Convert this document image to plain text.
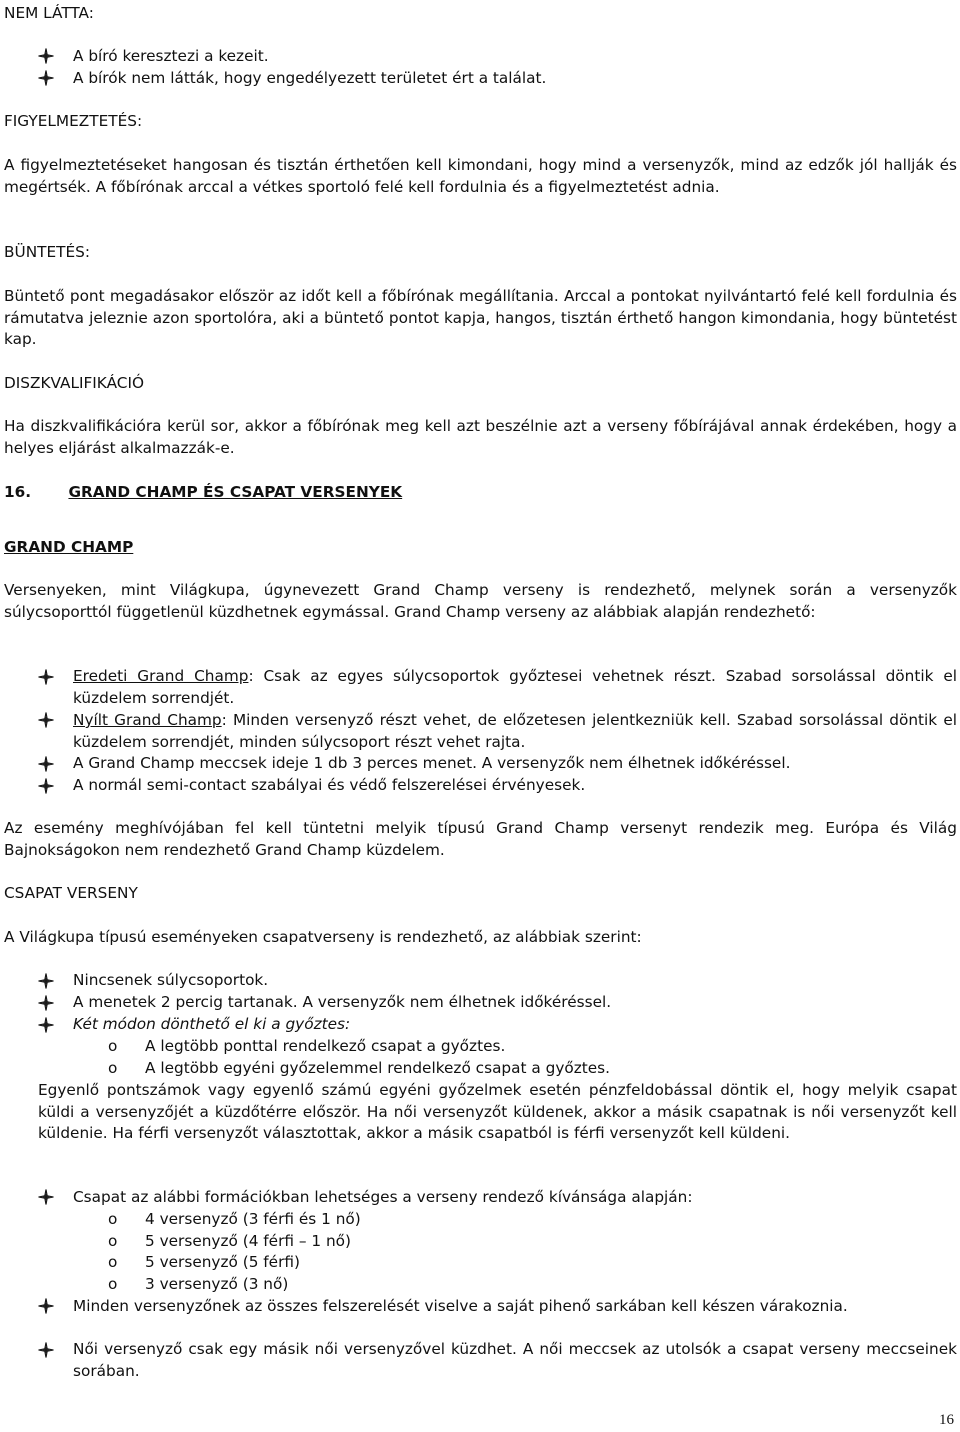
NEM LÁTTA:

A bíró keresztezi a kezeit.
A bírók nem látták, hogy engedélyezett területet ért a találat.

FIGYELMEZTETÉS:

A figyelmeztetéseket hangosan és tisztán érthetően kell kimondani, hogy mind a versenyzők, mind az edzők jól hallják és megértsék. A főbírónak arccal a vétkes sportoló felé kell fordulnia és a figyelmeztetést adnia.

BÜNTETÉS:

Büntető pont megadásakor először az időt kell a főbírónak megállítania. Arccal a pontokat nyilvántartó felé kell fordulnia és rámutatva jeleznie azon sportolóra, aki a büntető pontot kapja, hangos, tisztán érthető hangon kimondania, hogy büntetést kap.

DISZKVALIFIKÁCIÓ

Ha diszkvalifikációra kerül sor, akkor a főbírónak meg kell azt beszélnie azt a verseny főbírájával annak érdekében, hogy a helyes eljárást alkalmazzák-e.

16. GRAND CHAMP ÉS CSAPAT VERSENYEK

GRAND CHAMP

Versenyeken, mint Világkupa, úgynevezett Grand Champ verseny is rendezhető, melynek során a versenyzők súlycsoporttól függetlenül küzdhetnek egymással. Grand Champ verseny az alábbiak alapján rendezhető:

Eredeti Grand Champ: Csak az egyes súlycsoportok győztesei vehetnek részt. Szabad sorsolással döntik el küzdelem sorrendjét.
Nyílt Grand Champ: Minden versenyző részt vehet, de előzetesen jelentkezniük kell. Szabad sorsolással döntik el küzdelem sorrendjét, minden súlycsoport részt vehet rajta.
A Grand Champ meccsek ideje 1 db 3 perces menet. A versenyzők nem élhetnek időkéréssel.
A normál semi-contact szabályai és védő felszerelései érvényesek.

Az esemény meghívójában fel kell tüntetni melyik típusú Grand Champ versenyt rendezik meg. Európa és Világ Bajnokságokon nem rendezhető Grand Champ küzdelem.

CSAPAT VERSENY

A Világkupa típusú eseményeken csapatverseny is rendezhető, az alábbiak szerint:

Nincsenek súlycsoportok.
A menetek 2 percig tartanak. A versenyzők nem élhetnek időkéréssel.
Két módon dönthető el ki a győztes:
o A legtöbb ponttal rendelkező csapat a győztes.
o A legtöbb egyéni győzelemmel rendelkező csapat a győztes.
Egyenlő pontszámok vagy egyenlő számú egyéni győzelmek esetén pénzfeldobással döntik el, hogy melyik csapat küldi a versenyzőjét a küzdőtérre először. Ha női versenyzőt küldenek, akkor a másik csapatnak is női versenyzőt kell küldenie. Ha férfi versenyzőt választottak, akkor a másik csapatból is férfi versenyzőt kell küldeni.
Csapat az alábbi formációkban lehetséges a verseny rendező kívánsága alapján:
o 4 versenyző (3 férfi és 1 nő)
o 5 versenyző (4 férfi – 1 nő)
o 5 versenyző (5 férfi)
o 3 versenyző (3 nő)
Minden versenyzőnek az összes felszerelését viselve a saját pihenő sarkában kell készen várakoznia.
Női versenyző csak egy másik női versenyzővel küzdhet. A női meccsek az utolsók a csapat verseny meccseinek sorában.
16
